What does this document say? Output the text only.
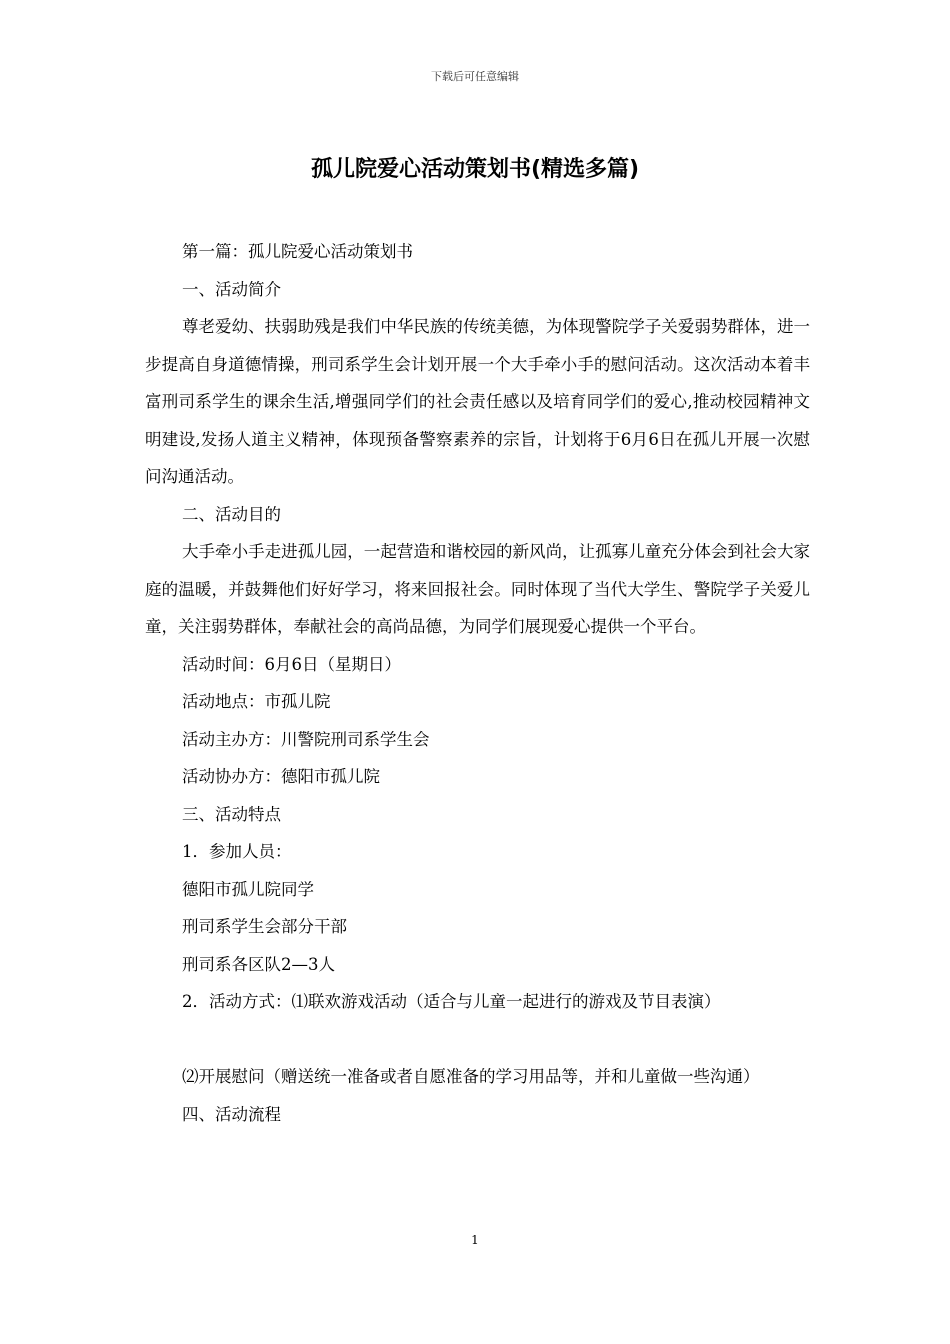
下载后可任意编辑
孤儿院爱心活动策划书(精选多篇)
第一篇：孤儿院爱心活动策划书
一、活动简介
尊老爱幼、扶弱助残是我们中华民族的传统美德，为体现警院学子关爱弱势群体，进一步提高自身道德情操，刑司系学生会计划开展一个大手牵小手的慰问活动。这次活动本着丰富刑司系学生的课余生活,增强同学们的社会责任感以及培育同学们的爱心,推动校园精神文明建设,发扬人道主义精神，体现预备警察素养的宗旨，计划将于6月6日在孤儿开展一次慰问沟通活动。
二、活动目的
大手牵小手走进孤儿园，一起营造和谐校园的新风尚，让孤寡儿童充分体会到社会大家庭的温暖，并鼓舞他们好好学习，将来回报社会。同时体现了当代大学生、警院学子关爱儿童，关注弱势群体，奉献社会的高尚品德，为同学们展现爱心提供一个平台。
活动时间：6月6日（星期日）
活动地点：市孤儿院
活动主办方：川警院刑司系学生会
活动协办方：德阳市孤儿院
三、活动特点
1．参加人员：
德阳市孤儿院同学
刑司系学生会部分干部
刑司系各区队2—3人
2．活动方式：⑴联欢游戏活动（适合与儿童一起进行的游戏及节目表演）
⑵开展慰问（赠送统一准备或者自愿准备的学习用品等，并和儿童做一些沟通）
四、活动流程
1
